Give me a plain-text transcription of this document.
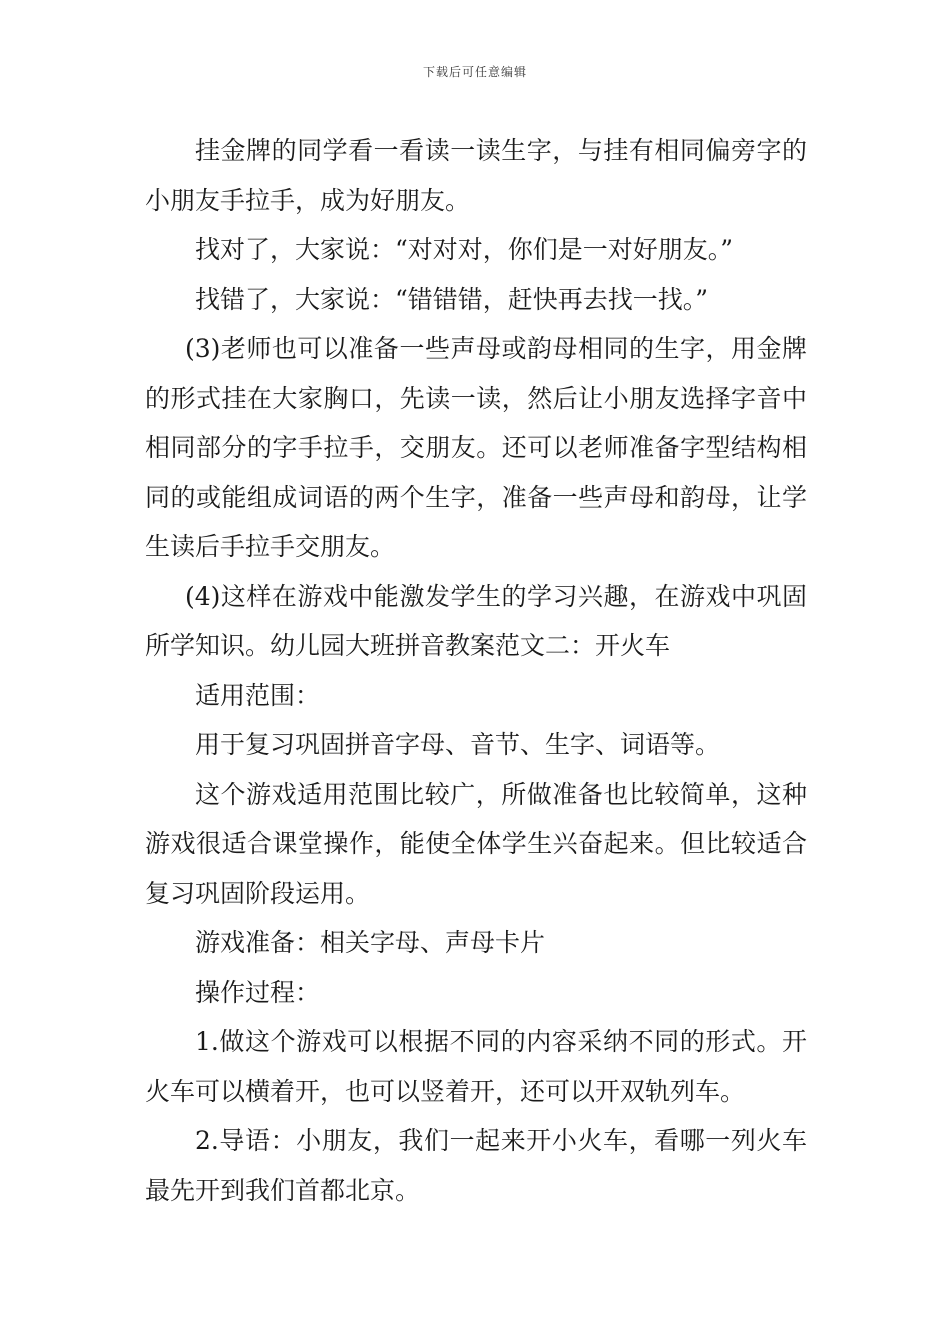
下载后可任意编辑

挂金牌的同学看一看读一读生字，与挂有相同偏旁字的小朋友手拉手，成为好朋友。

找对了，大家说：“对对对，你们是一对好朋友。”

找错了，大家说：“错错错，赶快再去找一找。”

(3)老师也可以准备一些声母或韵母相同的生字，用金牌的形式挂在大家胸口，先读一读，然后让小朋友选择字音中相同部分的字手拉手，交朋友。还可以老师准备字型结构相同的或能组成词语的两个生字，准备一些声母和韵母，让学生读后手拉手交朋友。

(4)这样在游戏中能激发学生的学习兴趣，在游戏中巩固所学知识。幼儿园大班拼音教案范文二：开火车

适用范围：

用于复习巩固拼音字母、音节、生字、词语等。

这个游戏适用范围比较广，所做准备也比较简单，这种游戏很适合课堂操作，能使全体学生兴奋起来。但比较适合复习巩固阶段运用。

游戏准备：相关字母、声母卡片

操作过程：

1.做这个游戏可以根据不同的内容采纳不同的形式。开火车可以横着开，也可以竖着开，还可以开双轨列车。

2.导语：小朋友，我们一起来开小火车，看哪一列火车最先开到我们首都北京。
